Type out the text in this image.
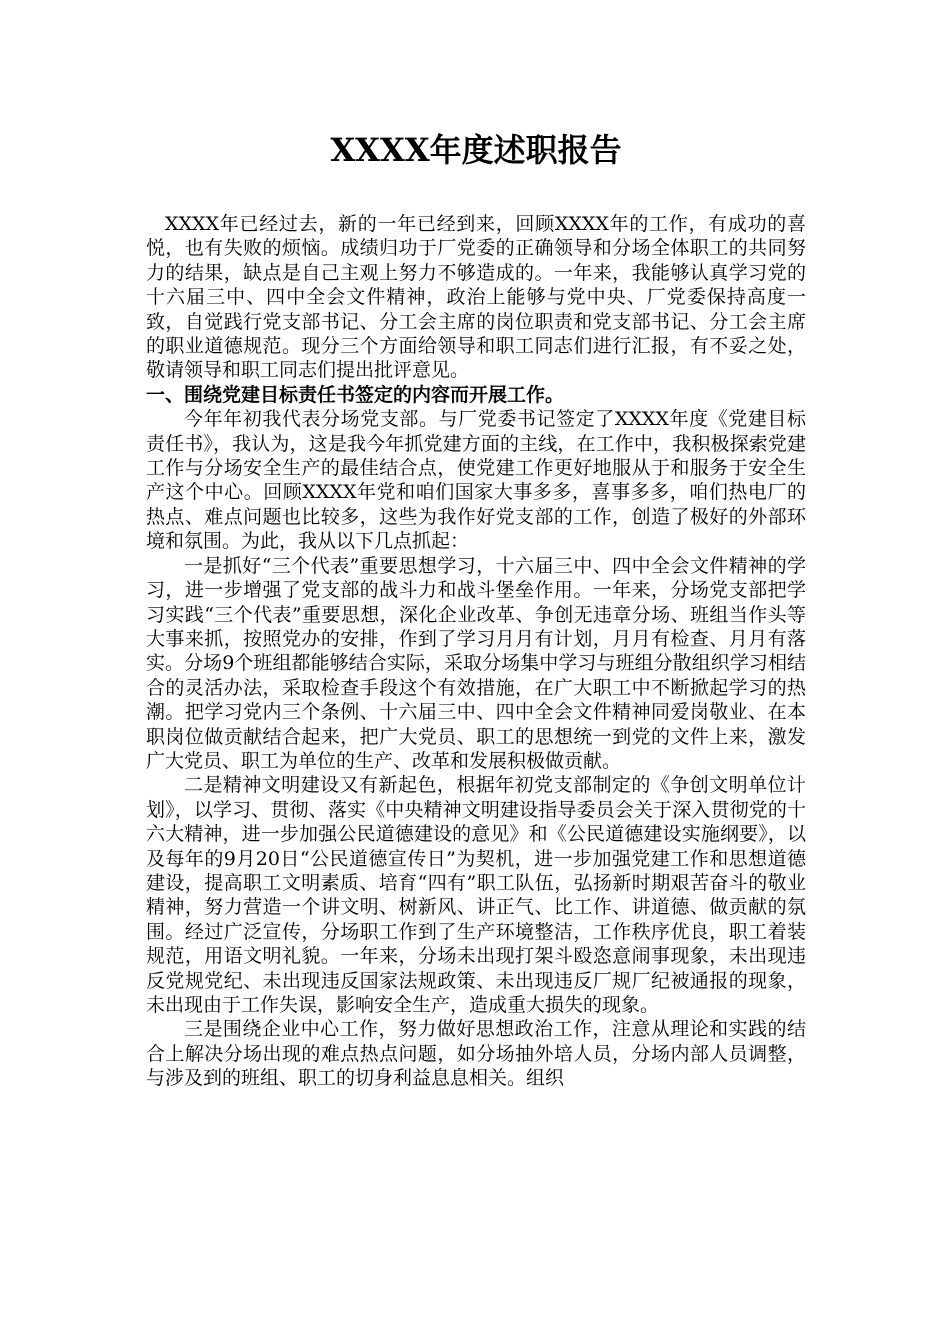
XXXX年度述职报告

XXXX年已经过去，新的一年已经到来，回顾XXXX年的工作，有成功的喜悦，也有失败的烦恼。成绩归功于厂党委的正确领导和分场全体职工的共同努力的结果，缺点是自己主观上努力不够造成的。一年来，我能够认真学习党的十六届三中、四中全会文件精神，政治上能够与党中央、厂党委保持高度一致，自觉践行党支部书记、分工会主席的岗位职责和党支部书记、分工会主席的职业道德规范。现分三个方面给领导和职工同志们进行汇报，有不妥之处，敬请领导和职工同志们提出批评意见。

一、围绕党建目标责任书签定的内容而开展工作。

今年年初我代表分场党支部。与厂党委书记签定了XXXX年度《党建目标责任书》，我认为，这是我今年抓党建方面的主线，在工作中，我积极探索党建工作与分场安全生产的最佳结合点，使党建工作更好地服从于和服务于安全生产这个中心。回顾XXXX年党和咱们国家大事多多，喜事多多，咱们热电厂的热点、难点问题也比较多，这些为我作好党支部的工作，创造了极好的外部环境和氛围。为此，我从以下几点抓起：

一是抓好“三个代表”重要思想学习，十六届三中、四中全会文件精神的学习，进一步增强了党支部的战斗力和战斗堡垒作用。一年来，分场党支部把学习实践“三个代表”重要思想，深化企业改革、争创无违章分场、班组当作头等大事来抓，按照党办的安排，作到了学习月月有计划，月月有检查、月月有落实。分场9个班组都能够结合实际，采取分场集中学习与班组分散组织学习相结合的灵活办法，采取检查手段这个有效措施，在广大职工中不断掀起学习的热潮。把学习党内三个条例、十六届三中、四中全会文件精神同爱岗敬业、在本职岗位做贡献结合起来，把广大党员、职工的思想统一到党的文件上来，激发广大党员、职工为单位的生产、改革和发展积极做贡献。

二是精神文明建设又有新起色，根据年初党支部制定的《争创文明单位计划》，以学习、贯彻、落实《中央精神文明建设指导委员会关于深入贯彻党的十六大精神，进一步加强公民道德建设的意见》和《公民道德建设实施纲要》，以及每年的9月20日“公民道德宣传日”为契机，进一步加强党建工作和思想道德建设，提高职工文明素质、培育“四有”职工队伍，弘扬新时期艰苦奋斗的敬业精神，努力营造一个讲文明、树新风、讲正气、比工作、讲道德、做贡献的氛围。经过广泛宣传，分场职工作到了生产环境整洁，工作秩序优良，职工着装规范，用语文明礼貌。一年来，分场未出现打架斗殴恣意闹事现象，未出现违反党规党纪、未出现违反国家法规政策、未出现违反厂规厂纪被通报的现象，未出现由于工作失误，影响安全生产，造成重大损失的现象。

三是围绕企业中心工作，努力做好思想政治工作，注意从理论和实践的结合上解决分场出现的难点热点问题，如分场抽外培人员，分场内部人员调整，与涉及到的班组、职工的切身利益息息相关。组织
